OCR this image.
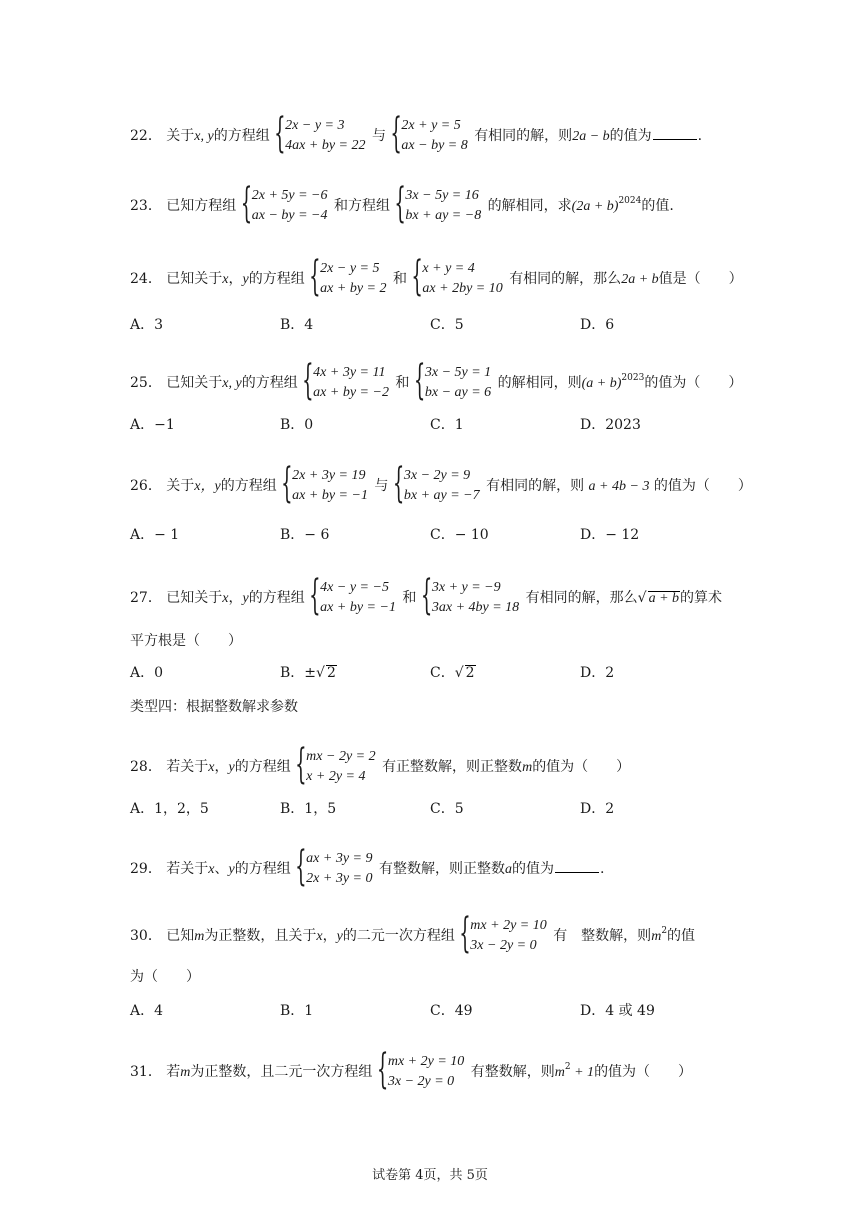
22． 关于x, y的方程组
{ 2x − y = 3
4ax + by = 22
与
{ 2x + y = 5
ax − by = 8
有相同的解，则2a − b的值为	.
23． 已知方程组
{ 2x + 5y = −6
ax − by = −4
和方程组
{ 3x − 5y = 16
bx + ay = −8
的解相同，求$(2a + b)^{2024}$的值.
24． 已知关于x，y的方程组
{ 2x − y = 5
ax + by = 2
和
{ x + y = 4
ax + 2by = 10
有相同的解，那么2a + b值是（　　）
A．3	B．4	C．5	D．6
25． 已知关于x, y的方程组
{ 4x + 3y = 11
ax + by = −2
和
{ 3x − 5y = 1
bx − ay = 6
的解相同，则$(a + b)^{2023}$的值为（　　）
A．−1	B．0	C．1	D．2023
26． 关于x，y的方程组
{ 2x + 3y = 19
ax + by = −1
与
{ 3x − 2y = 9
bx + ay = −7
有相同的解，则 a + 4b − 3 的值为（　　）
A．− 1	B．− 6	C．− 10	D．− 12
27． 已知关于x，y的方程组
{ 4x − y = −5
ax + by = −1
和
{ 3x + y = −9
3ax + 4by = 18
有相同的解，那么√ a + b的算术
平方根是（　　）
A．0	B．±√ 2	C．√ 2	D．2
类型四：根据整数解求参数
28． 若关于x，y的方程组
{ mx − 2y = 2
x + 2y = 4
有正整数解，则正整数m的值为（　　）
A．1，2，5	B．1，5	C．5	D．2
29． 若关于x、y的方程组
{ ax + 3y = 9
2x + 3y = 0
有整数解，则正整数a的值为	.
30． 已知m为正整数，且关于x，y的二元一次方程组
{ mx + 2y = 10
3x − 2y = 0
有　整数解，则$m^2$的值
为（　　）
A．4	B．1	C．49	D．4 或 49
31． 若m为正整数，且二元一次方程组
{ mx + 2y = 10
3x − 2y = 0
有整数解，则$m^2 + 1$的值为（　　）
试卷第 4页，共 5页
